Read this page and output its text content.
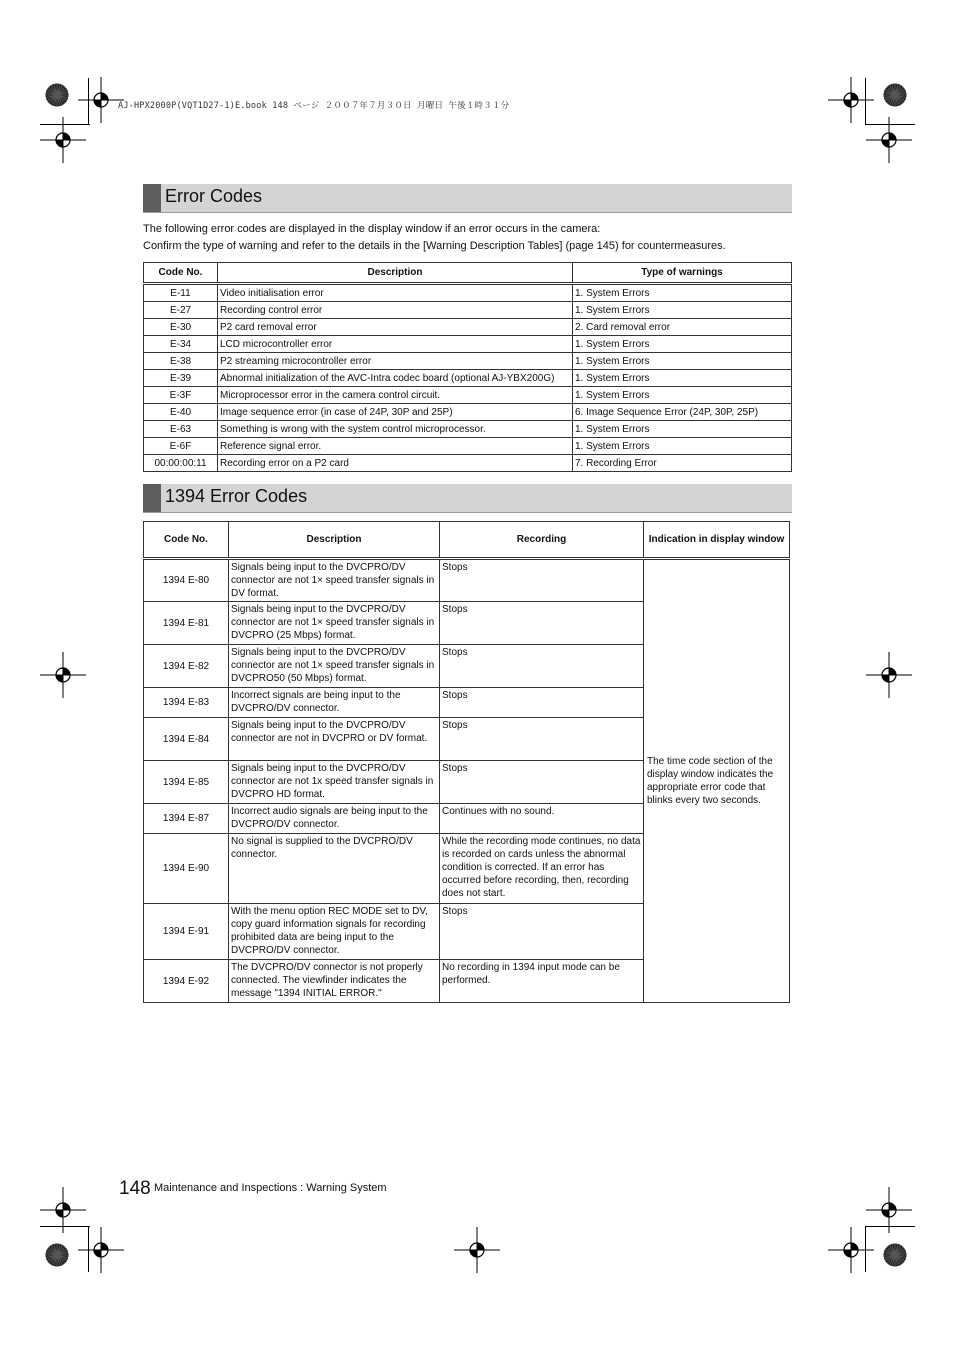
AJ-HPX2000P(VQT1D27-1)E.book 148 ページ ２００７年７月３０日 月曜日 午後１時３１分
Error Codes
The following error codes are displayed in the display window if an error occurs in the camera:
Confirm the type of warning and refer to the details in the [Warning Description Tables] (page 145) for countermeasures.
Code No.	Description	Type of warnings
E-11	Video initialisation error	1. System Errors
E-27	Recording control error	1. System Errors
E-30	P2 card removal error	2. Card removal error
E-34	LCD microcontroller error	1. System Errors
E-38	P2 streaming microcontroller error	1. System Errors
E-39	Abnormal initialization of the AVC-Intra codec board (optional AJ-YBX200G)	1. System Errors
E-3F	Microprocessor error in the camera control circuit.	1. System Errors
E-40	Image sequence error (in case of 24P, 30P and 25P)	6. Image Sequence Error (24P, 30P, 25P)
E-63	Something is wrong with the system control microprocessor.	1. System Errors
E-6F	Reference signal error.	1. System Errors
00:00:00:11	Recording error on a P2 card	7. Recording Error
1394 Error Codes
Code No.	Description	Recording	Indication in display window
1394 E-80	Signals being input to the DVCPRO/DV connector are not 1× speed transfer signals in DV format.	Stops	The time code section of the display window indicates the appropriate error code that blinks every two seconds.
1394 E-81	Signals being input to the DVCPRO/DV connector are not 1× speed transfer signals in DVCPRO (25 Mbps) format.	Stops	
1394 E-82	Signals being input to the DVCPRO/DV connector are not 1× speed transfer signals in DVCPRO50 (50 Mbps) format.	Stops	
1394 E-83	Incorrect signals are being input to the DVCPRO/DV connector.	Stops	
1394 E-84	Signals being input to the DVCPRO/DV connector are not in DVCPRO or DV format.	Stops	
1394 E-85	Signals being input to the DVCPRO/DV connector are not 1x speed transfer signals in DVCPRO HD format.	Stops	
1394 E-87	Incorrect audio signals are being input to the DVCPRO/DV connector.	Continues with no sound.	
1394 E-90	No signal is supplied to the DVCPRO/DV connector.	While the recording mode continues, no data is recorded on cards unless the abnormal condition is corrected. If an error has occurred before recording, then, recording does not start.	
1394 E-91	With the menu option REC MODE set to DV, copy guard information signals for recording prohibited data are being input to the DVCPRO/DV connector.	Stops	
1394 E-92	The DVCPRO/DV connector is not properly connected. The viewfinder indicates the message "1394 INITIAL ERROR."	No recording in 1394 input mode can be performed.	
148 Maintenance and Inspections : Warning System
